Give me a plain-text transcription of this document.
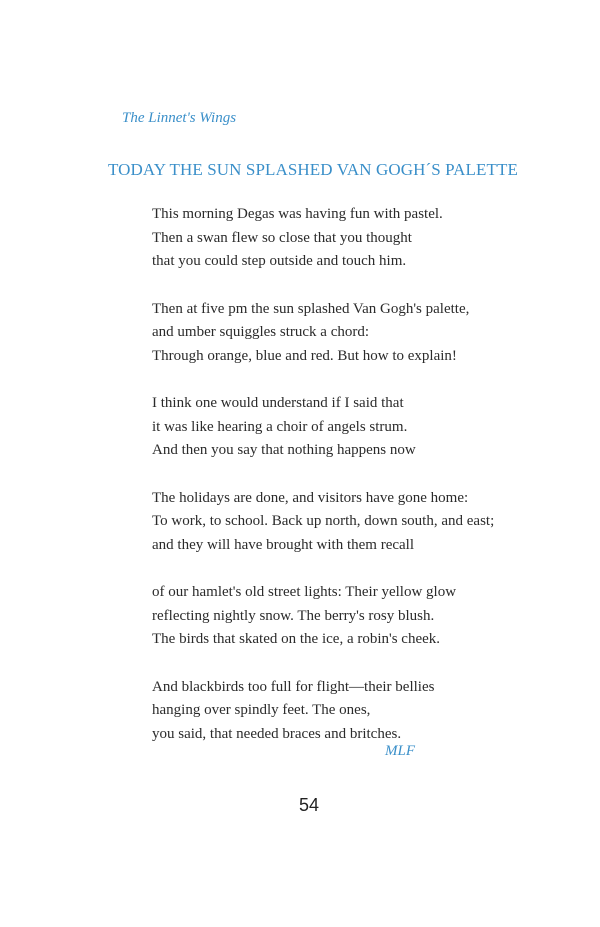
The Linnet's Wings

TODAY THE SUN SPLASHED VAN GOGH´S PALETTE

This morning Degas was having fun with pastel.
Then a swan flew so close that you thought
that you could step outside and touch him.

Then at five pm the sun splashed Van Gogh's palette,
and umber squiggles struck a chord:
Through orange, blue and red. But how to explain!

I think one would understand if I said that
it was like hearing a choir of angels strum.
And then you say that nothing happens now

The holidays are done, and visitors have gone home:
To work, to school. Back up north, down south, and east;
and they will have brought with them recall

of our hamlet's old street lights: Their yellow glow
reflecting nightly snow. The berry's rosy blush.
The birds that skated on the ice, a robin's cheek.

And blackbirds too full for flight—their bellies
hanging over spindly feet. The ones,
you said, that needed braces and britches.

MLF

54
